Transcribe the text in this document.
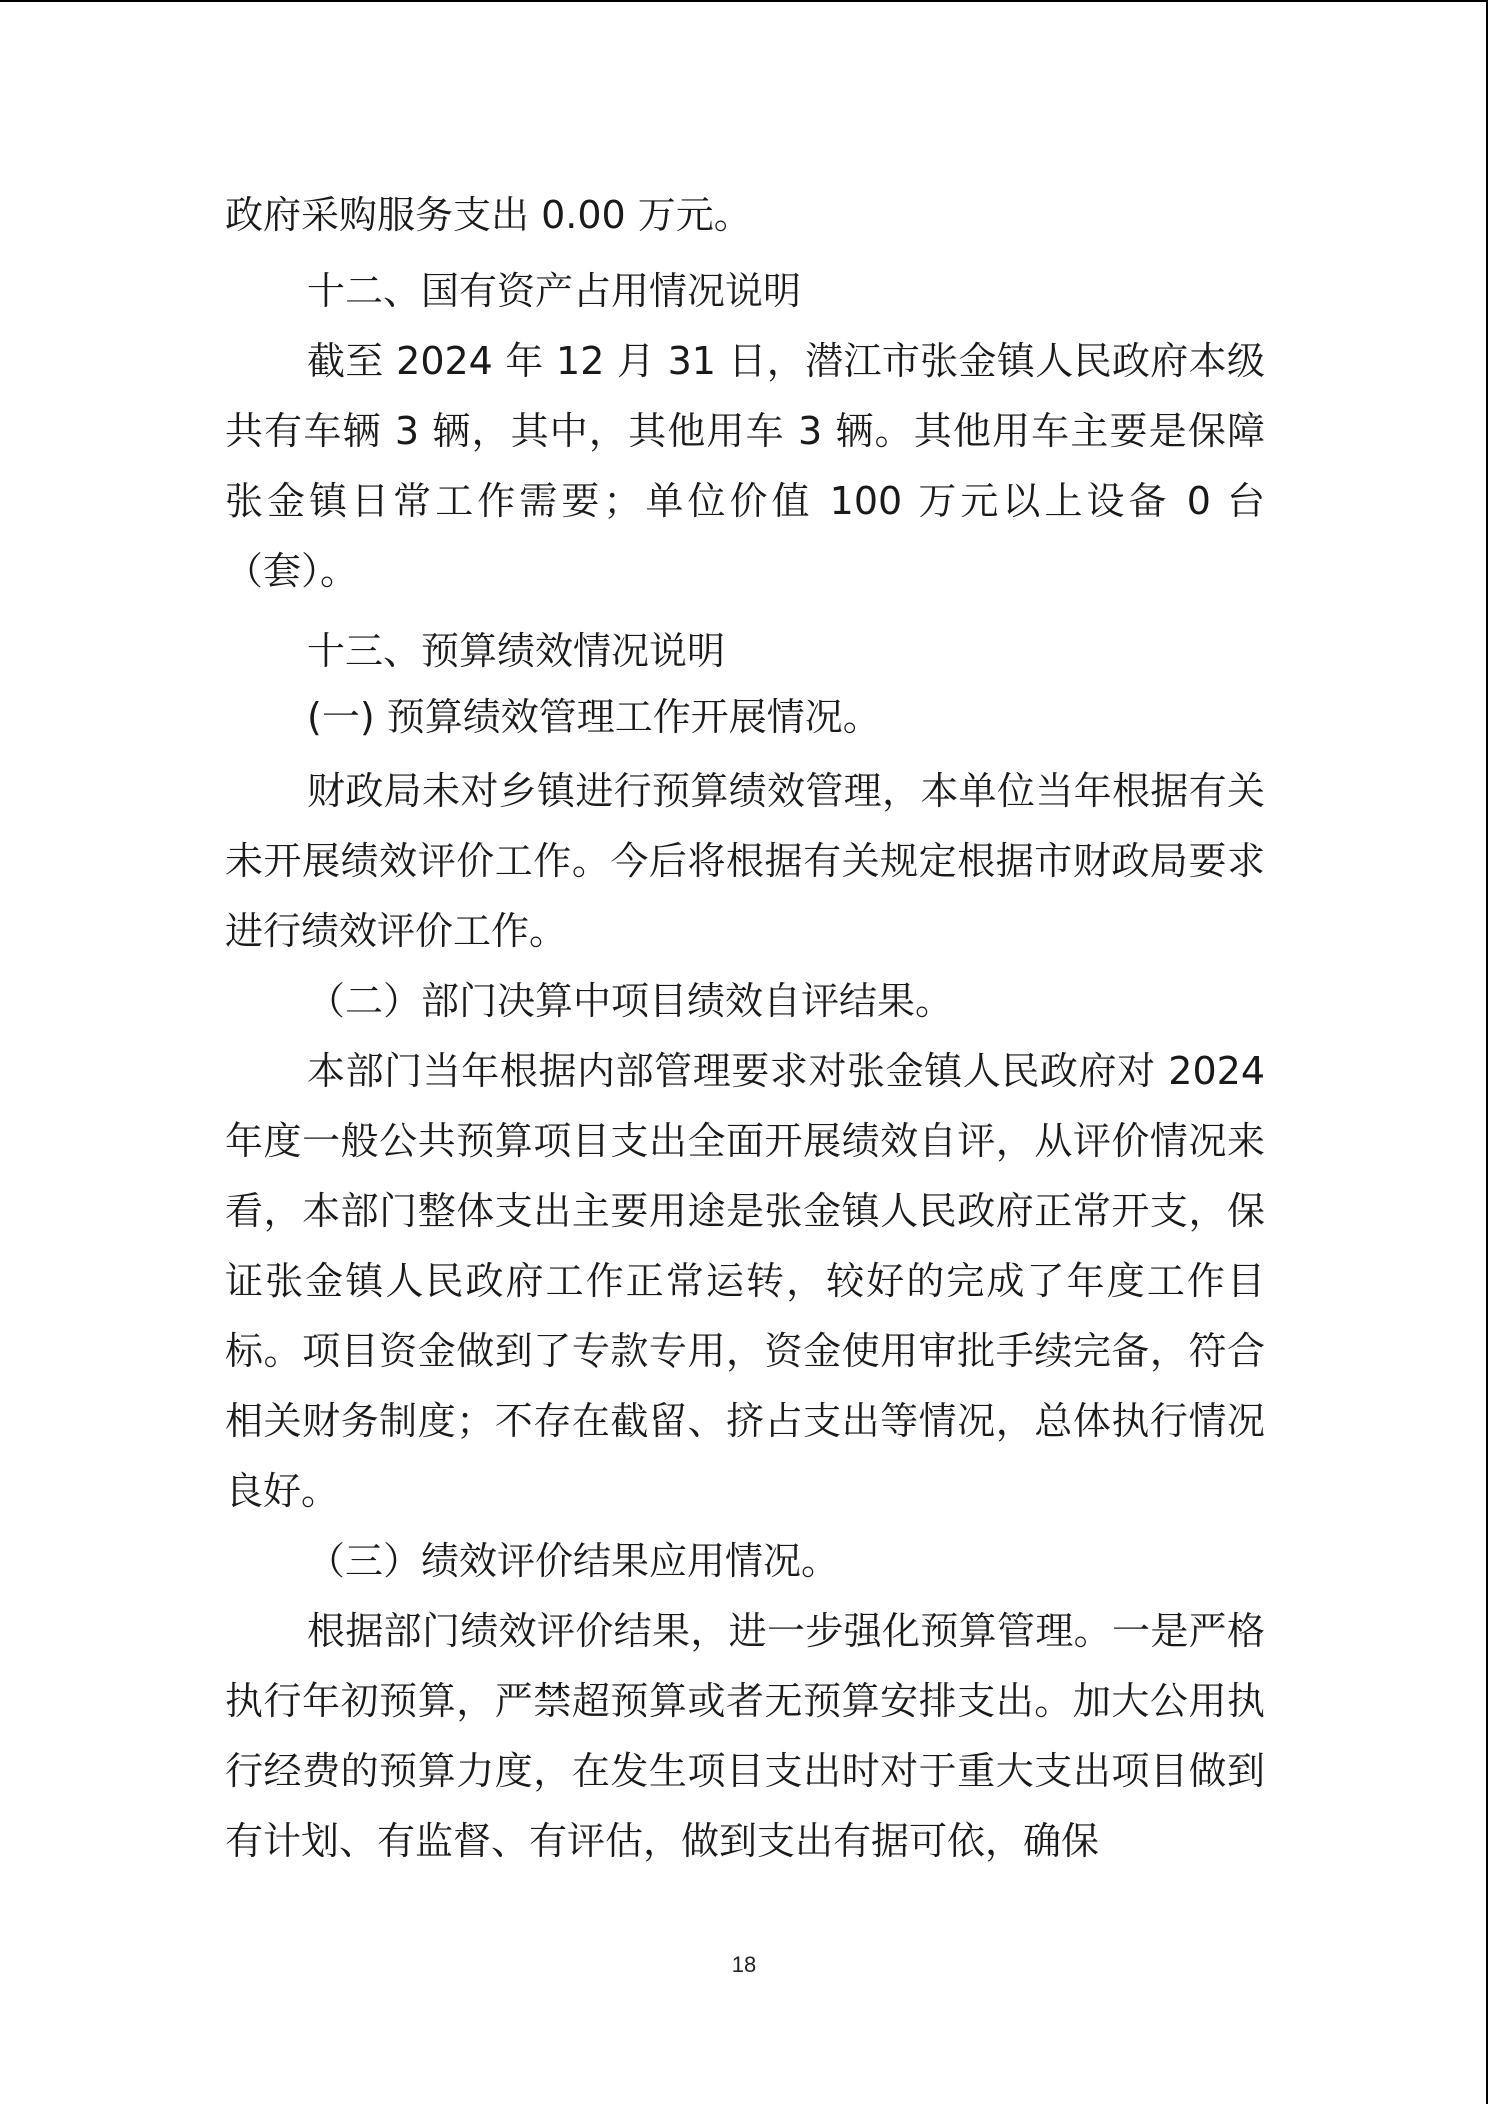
政府采购服务支出 0.00 万元。

十二、国有资产占用情况说明

截至 2024 年 12 月 31 日，潜江市张金镇人民政府本级共有车辆 3 辆，其中，其他用车 3 辆。其他用车主要是保障张金镇日常工作需要；单位价值 100 万元以上设备 0 台（套）。

十三、预算绩效情况说明

(一) 预算绩效管理工作开展情况。

财政局未对乡镇进行预算绩效管理，本单位当年根据有关未开展绩效评价工作。今后将根据有关规定根据市财政局要求进行绩效评价工作。

（二）部门决算中项目绩效自评结果。

本部门当年根据内部管理要求对张金镇人民政府对 2024 年度一般公共预算项目支出全面开展绩效自评，从评价情况来看，本部门整体支出主要用途是张金镇人民政府正常开支，保证张金镇人民政府工作正常运转，较好的完成了年度工作目标。项目资金做到了专款专用，资金使用审批手续完备，符合相关财务制度；不存在截留、挤占支出等情况，总体执行情况良好。

（三）绩效评价结果应用情况。

根据部门绩效评价结果，进一步强化预算管理。一是严格执行年初预算，严禁超预算或者无预算安排支出。加大公用执行经费的预算力度，在发生项目支出时对于重大支出项目做到有计划、有监督、有评估，做到支出有据可依，确保

18
